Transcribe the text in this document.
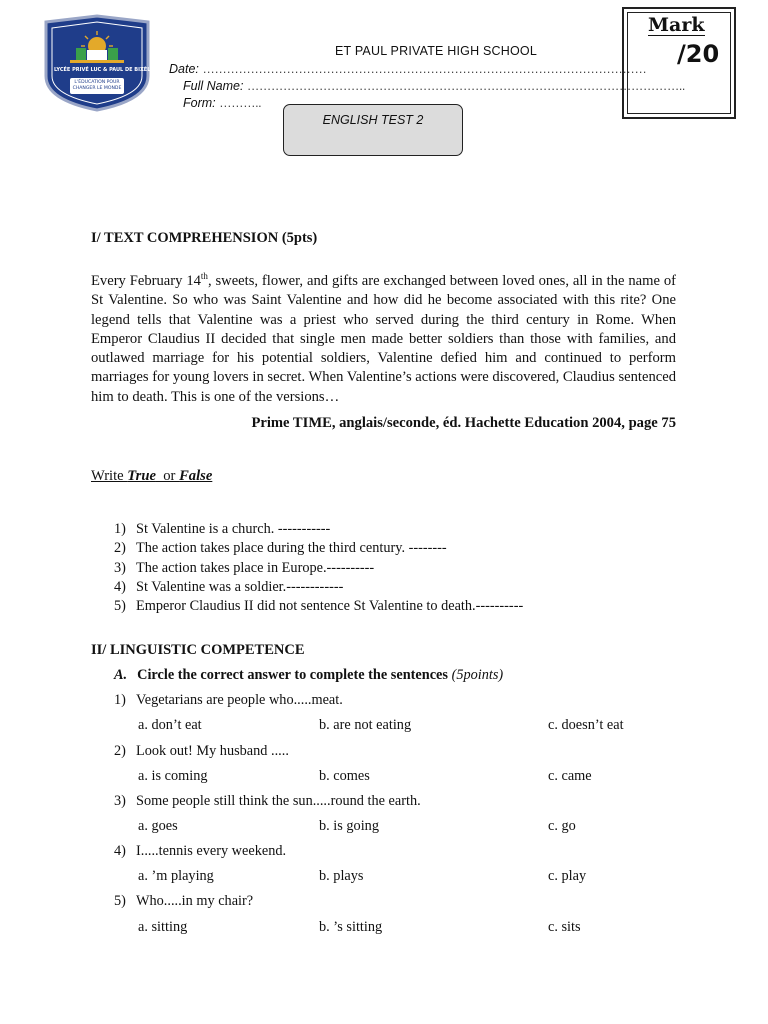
LYCÉE PRIVÉ LUC & PAUL DE BIXÈLÉ
L'ÉDUCATION POUR CHANGER LE MONDE
ET PAUL PRIVATE HIGH SCHOOL
Date: …………………………………………………………………………………………………
Full Name: ………………………………………………………………………………………………..
Form: ………..
ENGLISH TEST 2
Mark
/20
I/ TEXT COMPREHENSION (5pts)
Every February 14th, sweets, flower, and gifts are exchanged between loved ones, all in the name of St Valentine. So who was Saint Valentine and how did he become associated with this rite? One legend tells that Valentine was a priest who served during the third century in Rome. When Emperor Claudius II decided that single men made better soldiers than those with families, and outlawed marriage for his potential soldiers, Valentine defied him and continued to perform marriages for young lovers in secret. When Valentine’s actions were discovered, Claudius sentenced him to death. This is one of the versions…
Prime TIME, anglais/seconde, éd. Hachette Education 2004, page 75
Write True  or False
1) St Valentine is a church. -----------
2) The action takes place during the third century. --------
3) The action takes place in Europe.----------
4) St Valentine was a soldier.------------
5) Emperor Claudius II did not sentence St Valentine to death.----------
II/ LINGUISTIC COMPETENCE
A. Circle the correct answer to complete the sentences (5points)
1) Vegetarians are people who.....meat.
a. don’t eat	b. are not eating	c. doesn’t eat
2) Look out! My husband .....
a. is coming	b. comes	c. came
3) Some people still think the sun.....round the earth.
a. goes	b. is going	c. go
4) I.....tennis every weekend.
a. ’m playing	b. plays	c. play
5) Who.....in my chair?
a. sitting	b. ’s sitting	c. sits
